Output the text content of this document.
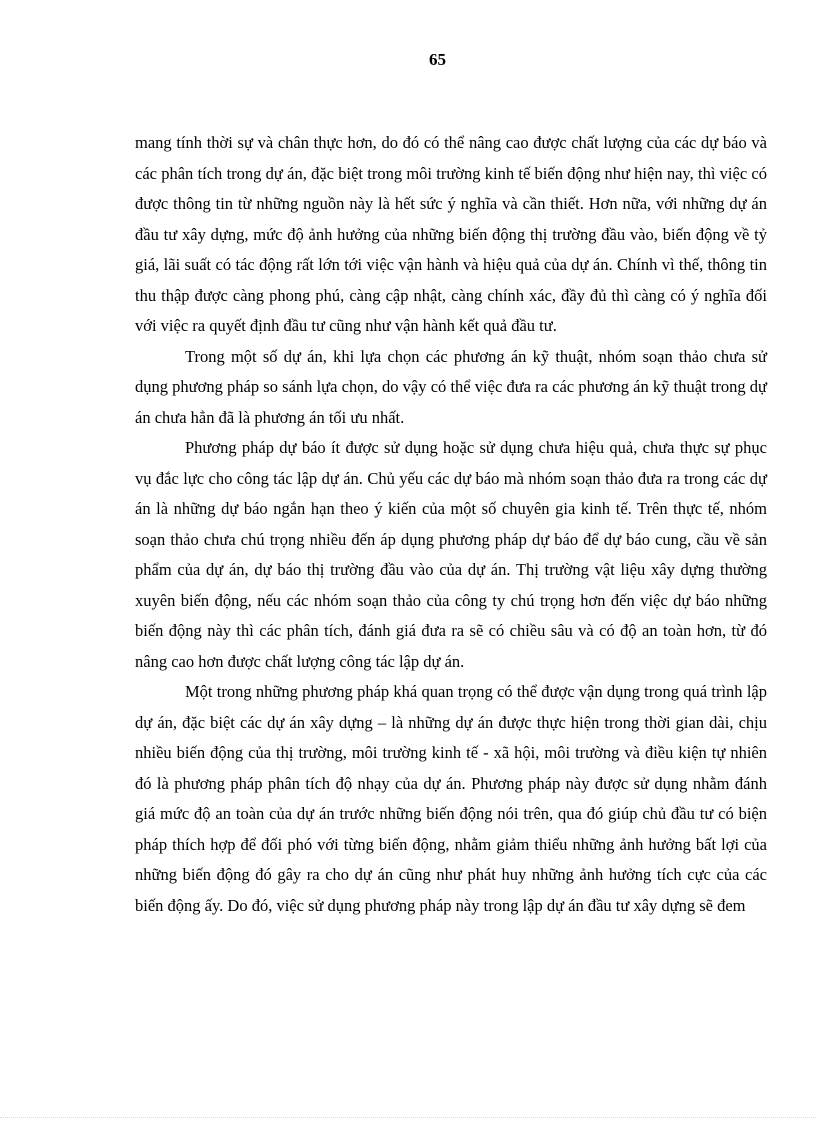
65

mang tính thời sự và chân thực hơn, do đó có thể nâng cao được chất lượng của các dự báo và các phân tích trong dự án, đặc biệt trong môi trường kinh tế biến động như hiện nay, thì việc có được thông tin từ những nguồn này là hết sức ý nghĩa và cần thiết. Hơn nữa, với những dự án đầu tư xây dựng, mức độ ảnh hưởng của những biến động thị trường đầu vào, biến động về tỷ giá, lãi suất có tác động rất lớn tới việc vận hành và hiệu quả của dự án. Chính vì thế, thông tin thu thập được càng phong phú, càng cập nhật, càng chính xác, đầy đủ thì càng có ý nghĩa đối với việc ra quyết định đầu tư cũng như vận hành kết quả đầu tư.

Trong một số dự án, khi lựa chọn các phương án kỹ thuật, nhóm soạn thảo chưa sử dụng phương pháp so sánh lựa chọn, do vậy có thể việc đưa ra các phương án kỹ thuật trong dự án chưa hẳn đã là phương án tối ưu nhất.

Phương pháp dự báo ít được sử dụng hoặc sử dụng chưa hiệu quả, chưa thực sự phục vụ đắc lực cho công tác lập dự án. Chủ yếu các dự báo mà nhóm soạn thảo đưa ra trong các dự án là những dự báo ngắn hạn theo ý kiến của một số chuyên gia kinh tế. Trên thực tế, nhóm soạn thảo chưa chú trọng nhiều đến áp dụng phương pháp dự báo để dự báo cung, cầu về sản phẩm của dự án, dự báo thị trường đầu vào của dự án. Thị trường vật liệu xây dựng thường xuyên biến động, nếu các nhóm soạn thảo của công ty chú trọng hơn đến việc dự báo những biến động này thì các phân tích, đánh giá đưa ra sẽ có chiều sâu và có độ an toàn hơn, từ đó nâng cao hơn được chất lượng công tác lập dự án.

Một trong những phương pháp khá quan trọng có thể được vận dụng trong quá trình lập dự án, đặc biệt các dự án xây dựng – là những dự án được thực hiện trong thời gian dài, chịu nhiều biến động của thị trường, môi trường kinh tế - xã hội, môi trường và điều kiện tự nhiên đó là phương pháp phân tích độ nhạy của dự án. Phương pháp này được sử dụng nhằm đánh giá mức độ an toàn của dự án trước những biến động nói trên, qua đó giúp chủ đầu tư có biện pháp thích hợp để đối phó với từng biến động, nhằm giảm thiểu những ảnh hưởng bất lợi của những biến động đó gây ra cho dự án cũng như phát huy những ảnh hưởng tích cực của các biến động ấy. Do đó, việc sử dụng phương pháp này trong lập dự án đầu tư xây dựng sẽ đem
